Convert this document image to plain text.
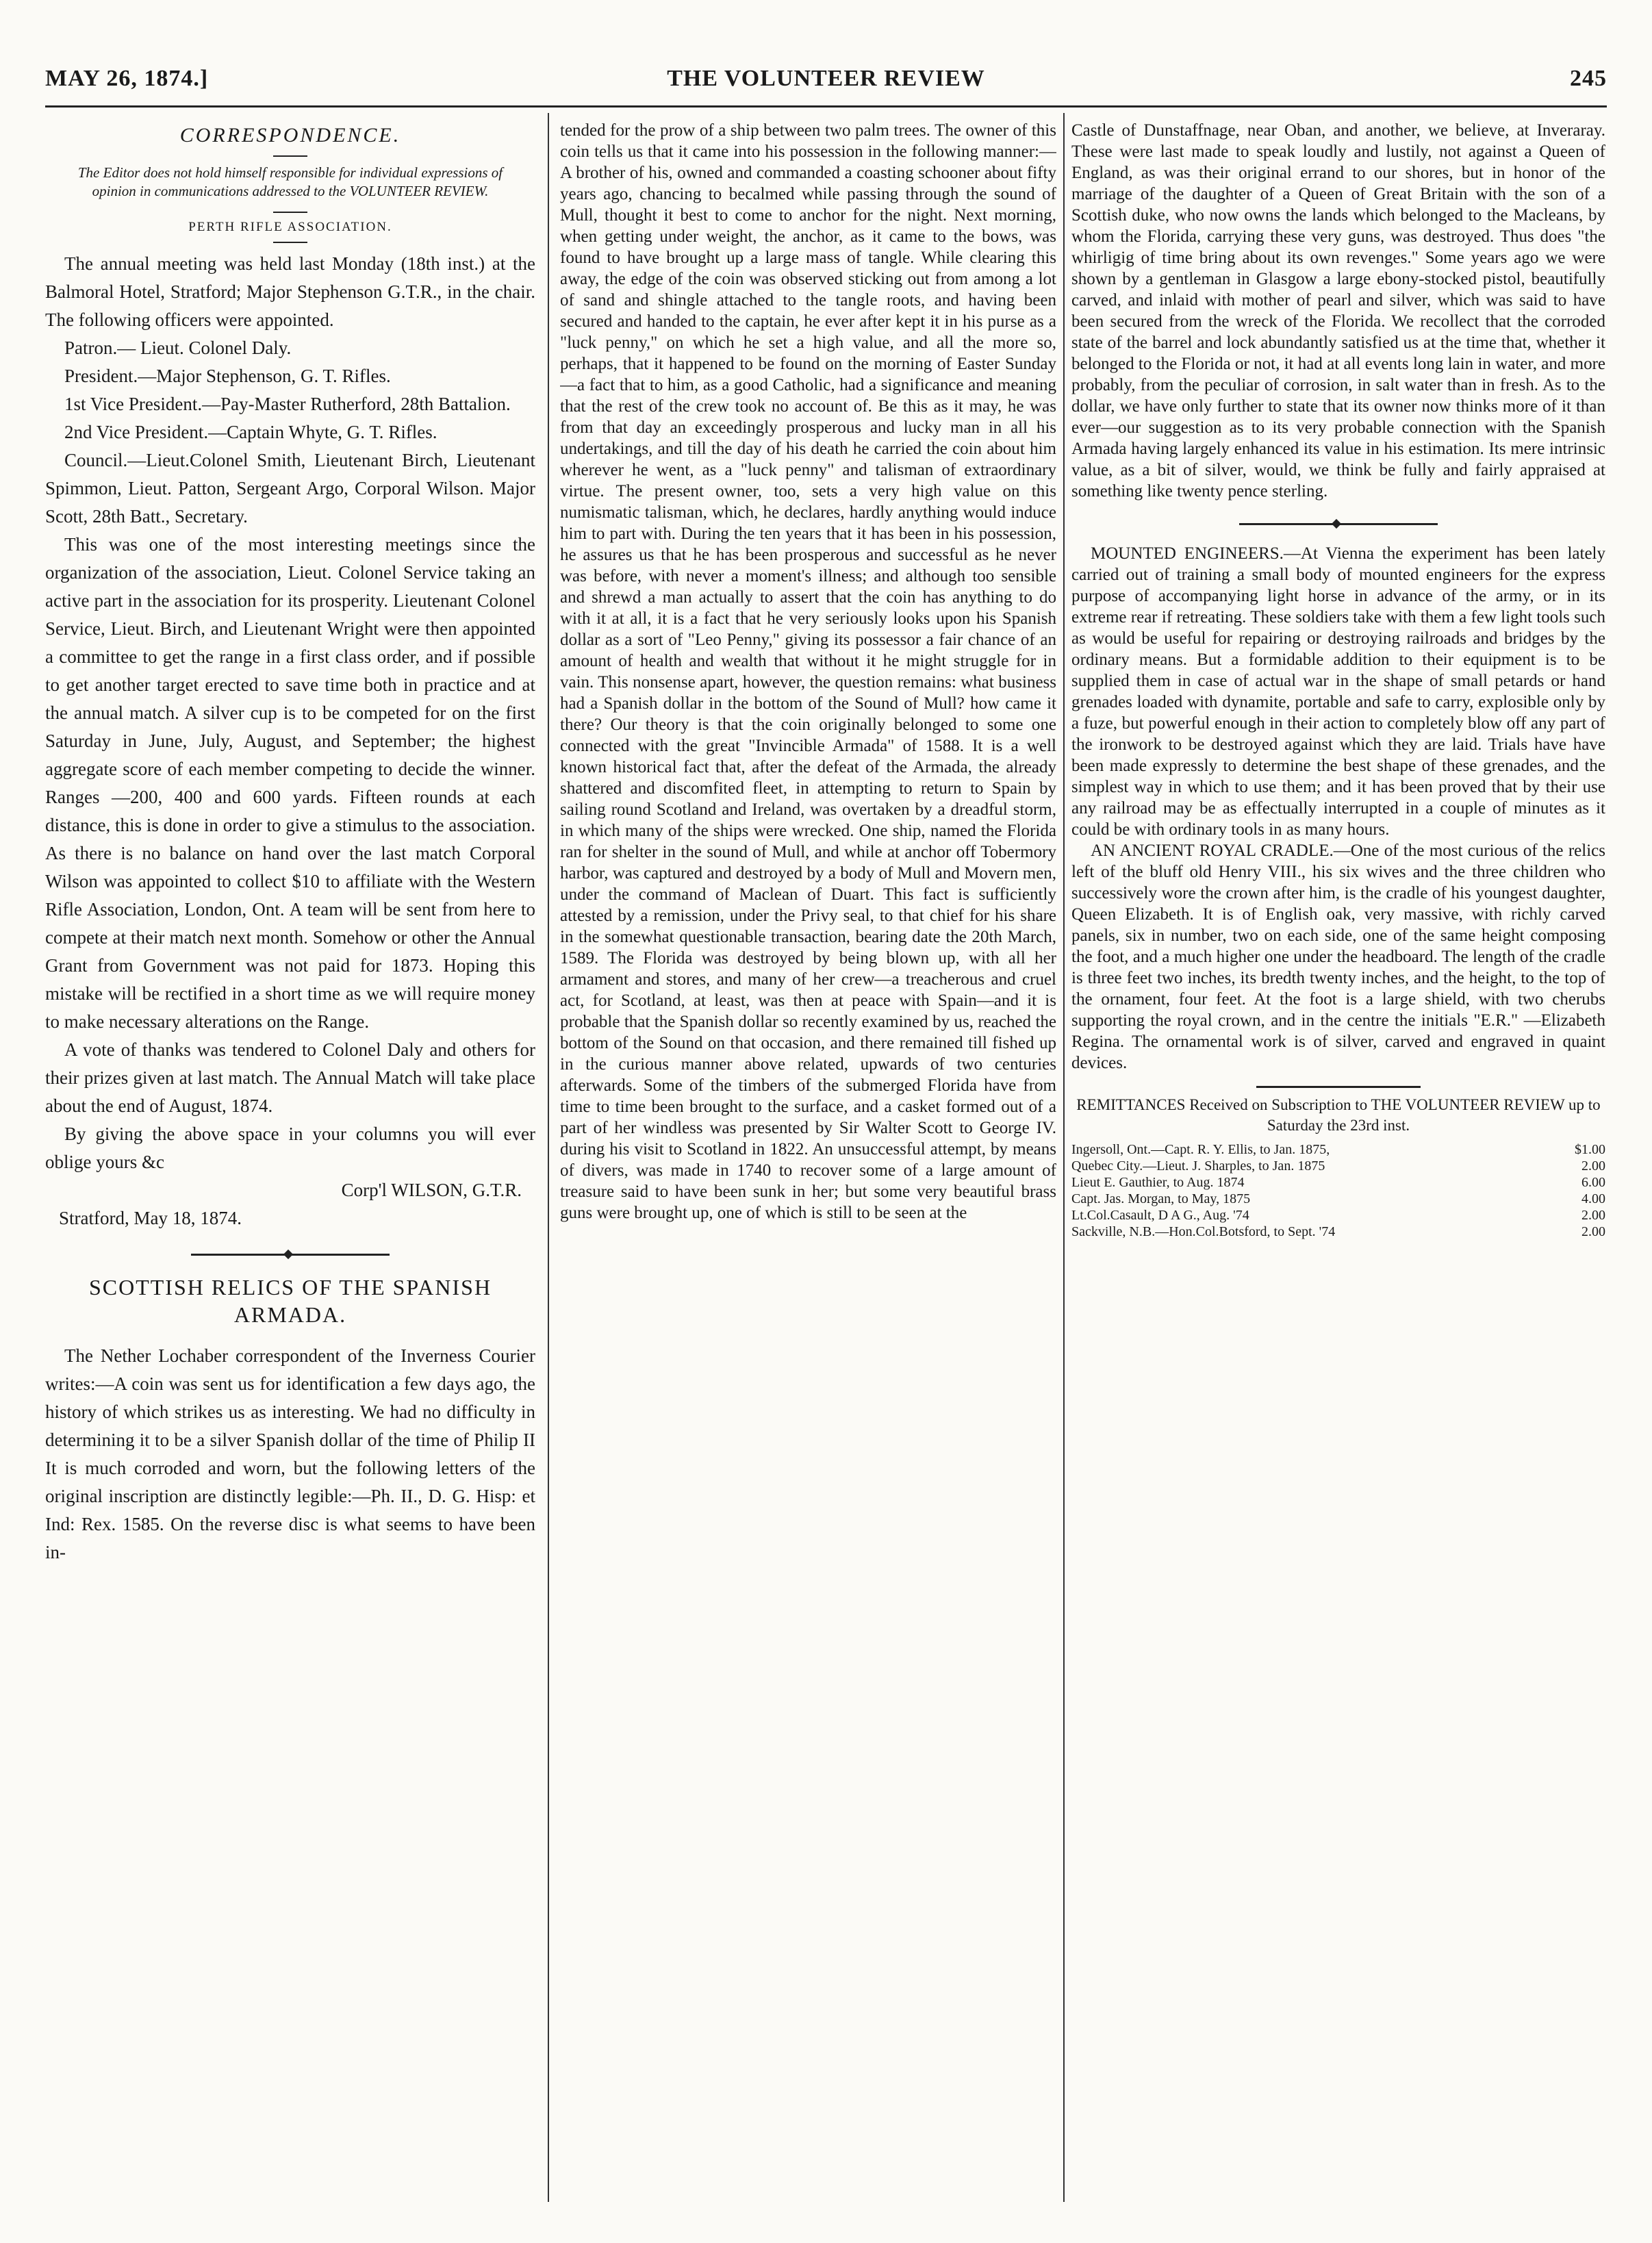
MAY 26, 1874.]	THE VOLUNTEER REVIEW	245
CORRESPONDENCE.
The Editor does not hold himself responsible for individual expressions of opinion in communications addressed to the VOLUNTEER REVIEW.
PERTH RIFLE ASSOCIATION.

The annual meeting was held last Monday (18th inst.) at the Balmoral Hotel, Stratford; Major Stephenson G.T.R., in the chair. The following officers were appointed.

Patron.— Lieut. Colonel Daly.

President.—Major Stephenson, G. T. Rifles.

1st Vice President.—Pay-Master Rutherford, 28th Battalion.

2nd Vice President.—Captain Whyte, G. T. Rifles.

Council.—Lieut.Colonel Smith, Lieutenant Birch, Lieutenant Spimmon, Lieut. Patton, Sergeant Argo, Corporal Wilson. Major Scott, 28th Batt., Secretary.

This was one of the most interesting meetings since the organization of the association, Lieut. Colonel Service taking an active part in the association for its prosperity. Lieutenant Colonel Service, Lieut. Birch, and Lieutenant Wright were then appointed a committee to get the range in a first class order, and if possible to get another target erected to save time both in practice and at the annual match. A silver cup is to be competed for on the first Saturday in June, July, August, and September; the highest aggregate score of each member competing to decide the winner. Ranges —200, 400 and 600 yards. Fifteen rounds at each distance, this is done in order to give a stimulus to the association. As there is no balance on hand over the last match Corporal Wilson was appointed to collect $10 to affiliate with the Western Rifle Association, London, Ont. A team will be sent from here to compete at their match next month. Somehow or other the Annual Grant from Government was not paid for 1873. Hoping this mistake will be rectified in a short time as we will require money to make necessary alterations on the Range.

A vote of thanks was tendered to Colonel Daly and others for their prizes given at last match. The Annual Match will take place about the end of August, 1874.

By giving the above space in your columns you will ever oblige yours &c

Corp'l WILSON, G.T.R.
Stratford, May 18, 1874.
SCOTTISH RELICS OF THE SPANISH ARMADA.

The Nether Lochaber correspondent of the Inverness Courier writes:—A coin was sent us for identification a few days ago, the history of which strikes us as interesting. We had no difficulty in determining it to be a silver Spanish dollar of the time of Philip II It is much corroded and worn, but the following letters of the original inscription are distinctly legible:—Ph. II., D. G. Hisp: et Ind: Rex. 1585. On the reverse disc is what seems to have been in-

tended for the prow of a ship between two palm trees. The owner of this coin tells us that it came into his possession in the following manner:— A brother of his, owned and commanded a coasting schooner about fifty years ago, chancing to becalmed while passing through the sound of Mull, thought it best to come to anchor for the night. Next morning, when getting under weight, the anchor, as it came to the bows, was found to have brought up a large mass of tangle. While clearing this away, the edge of the coin was observed sticking out from among a lot of sand and shingle attached to the tangle roots, and having been secured and handed to the captain, he ever after kept it in his purse as a "luck penny," on which he set a high value, and all the more so, perhaps, that it happened to be found on the morning of Easter Sunday—a fact that to him, as a good Catholic, had a significance and meaning that the rest of the crew took no account of. Be this as it may, he was from that day an exceedingly prosperous and lucky man in all his undertakings, and till the day of his death he carried the coin about him wherever he went, as a "luck penny" and talisman of extraordinary virtue. The present owner, too, sets a very high value on this numismatic talisman, which, he declares, hardly anything would induce him to part with. During the ten years that it has been in his possession, he assures us that he has been prosperous and successful as he never was before, with never a moment's illness; and although too sensible and shrewd a man actually to assert that the coin has anything to do with it at all, it is a fact that he very seriously looks upon his Spanish dollar as a sort of "Leo Penny," giving its possessor a fair chance of an amount of health and wealth that without it he might struggle for in vain. This nonsense apart, however, the question remains: what business had a Spanish dollar in the bottom of the Sound of Mull? how came it there? Our theory is that the coin originally belonged to some one connected with the great "Invincible Armada" of 1588. It is a well known historical fact that, after the defeat of the Armada, the already shattered and discomfited fleet, in attempting to return to Spain by sailing round Scotland and Ireland, was overtaken by a dreadful storm, in which many of the ships were wrecked. One ship, named the Florida ran for shelter in the sound of Mull, and while at anchor off Tobermory harbor, was captured and destroyed by a body of Mull and Movern men, under the command of Maclean of Duart. This fact is sufficiently attested by a remission, under the Privy seal, to that chief for his share in the somewhat questionable transaction, bearing date the 20th March, 1589. The Florida was destroyed by being blown up, with all her armament and stores, and many of her crew—a treacherous and cruel act, for Scotland, at least, was then at peace with Spain—and it is probable that the Spanish dollar so recently examined by us, reached the bottom of the Sound on that occasion, and there remained till fished up in the curious manner above related, upwards of two centuries afterwards. Some of the timbers of the submerged Florida have from time to time been brought to the surface, and a casket formed out of a part of her windless was presented by Sir Walter Scott to George IV. during his visit to Scotland in 1822. An unsuccessful attempt, by means of divers, was made in 1740 to recover some of a large amount of treasure said to have been sunk in her; but some very beautiful brass guns were brought up, one of which is still to be seen at the

Castle of Dunstaffnage, near Oban, and another, we believe, at Inveraray. These were last made to speak loudly and lustily, not against a Queen of England, as was their original errand to our shores, but in honor of the marriage of the daughter of a Queen of Great Britain with the son of a Scottish duke, who now owns the lands which belonged to the Macleans, by whom the Florida, carrying these very guns, was destroyed. Thus does "the whirligig of time bring about its own revenges." Some years ago we were shown by a gentleman in Glasgow a large ebony-stocked pistol, beautifully carved, and inlaid with mother of pearl and silver, which was said to have been secured from the wreck of the Florida. We recollect that the corroded state of the barrel and lock abundantly satisfied us at the time that, whether it belonged to the Florida or not, it had at all events long lain in water, and more probably, from the peculiar of corrosion, in salt water than in fresh. As to the dollar, we have only further to state that its owner now thinks more of it than ever—our suggestion as to its very probable connection with the Spanish Armada having largely enhanced its value in his estimation. Its mere intrinsic value, as a bit of silver, would, we think be fully and fairly appraised at something like twenty pence sterling.

MOUNTED ENGINEERS.—At Vienna the experiment has been lately carried out of training a small body of mounted engineers for the express purpose of accompanying light horse in advance of the army, or in its extreme rear if retreating. These soldiers take with them a few light tools such as would be useful for repairing or destroying railroads and bridges by the ordinary means. But a formidable addition to their equipment is to be supplied them in case of actual war in the shape of small petards or hand grenades loaded with dynamite, portable and safe to carry, explosible only by a fuze, but powerful enough in their action to completely blow off any part of the ironwork to be destroyed against which they are laid. Trials have have been made expressly to determine the best shape of these grenades, and the simplest way in which to use them; and it has been proved that by their use any railroad may be as effectually interrupted in a couple of minutes as it could be with ordinary tools in as many hours.

AN ANCIENT ROYAL CRADLE.—One of the most curious of the relics left of the bluff old Henry VIII., his six wives and the three children who successively wore the crown after him, is the cradle of his youngest daughter, Queen Elizabeth. It is of English oak, very massive, with richly carved panels, six in number, two on each side, one of the same height composing the foot, and a much higher one under the headboard. The length of the cradle is three feet two inches, its bredth twenty inches, and the height, to the top of the ornament, four feet. At the foot is a large shield, with two cherubs supporting the royal crown, and in the centre the initials "E.R." —Elizabeth Regina. The ornamental work is of silver, carved and engraved in quaint devices.

REMITTANCES Received on Subscription to THE VOLUNTEER REVIEW up to Saturday the 23rd inst.
Ingersoll, Ont.—Capt. R. Y. Ellis, to Jan. 1875,	$1.00
Quebec City.—Lieut. J. Sharples, to Jan. 1875	2.00
Lieut E. Gauthier, to Aug. 1874	6.00
Capt. Jas. Morgan, to May, 1875	4.00
Lt.Col.Casault, D A G., Aug. '74	2.00
Sackville, N.B.—Hon.Col.Botsford, to Sept. '74	2.00
